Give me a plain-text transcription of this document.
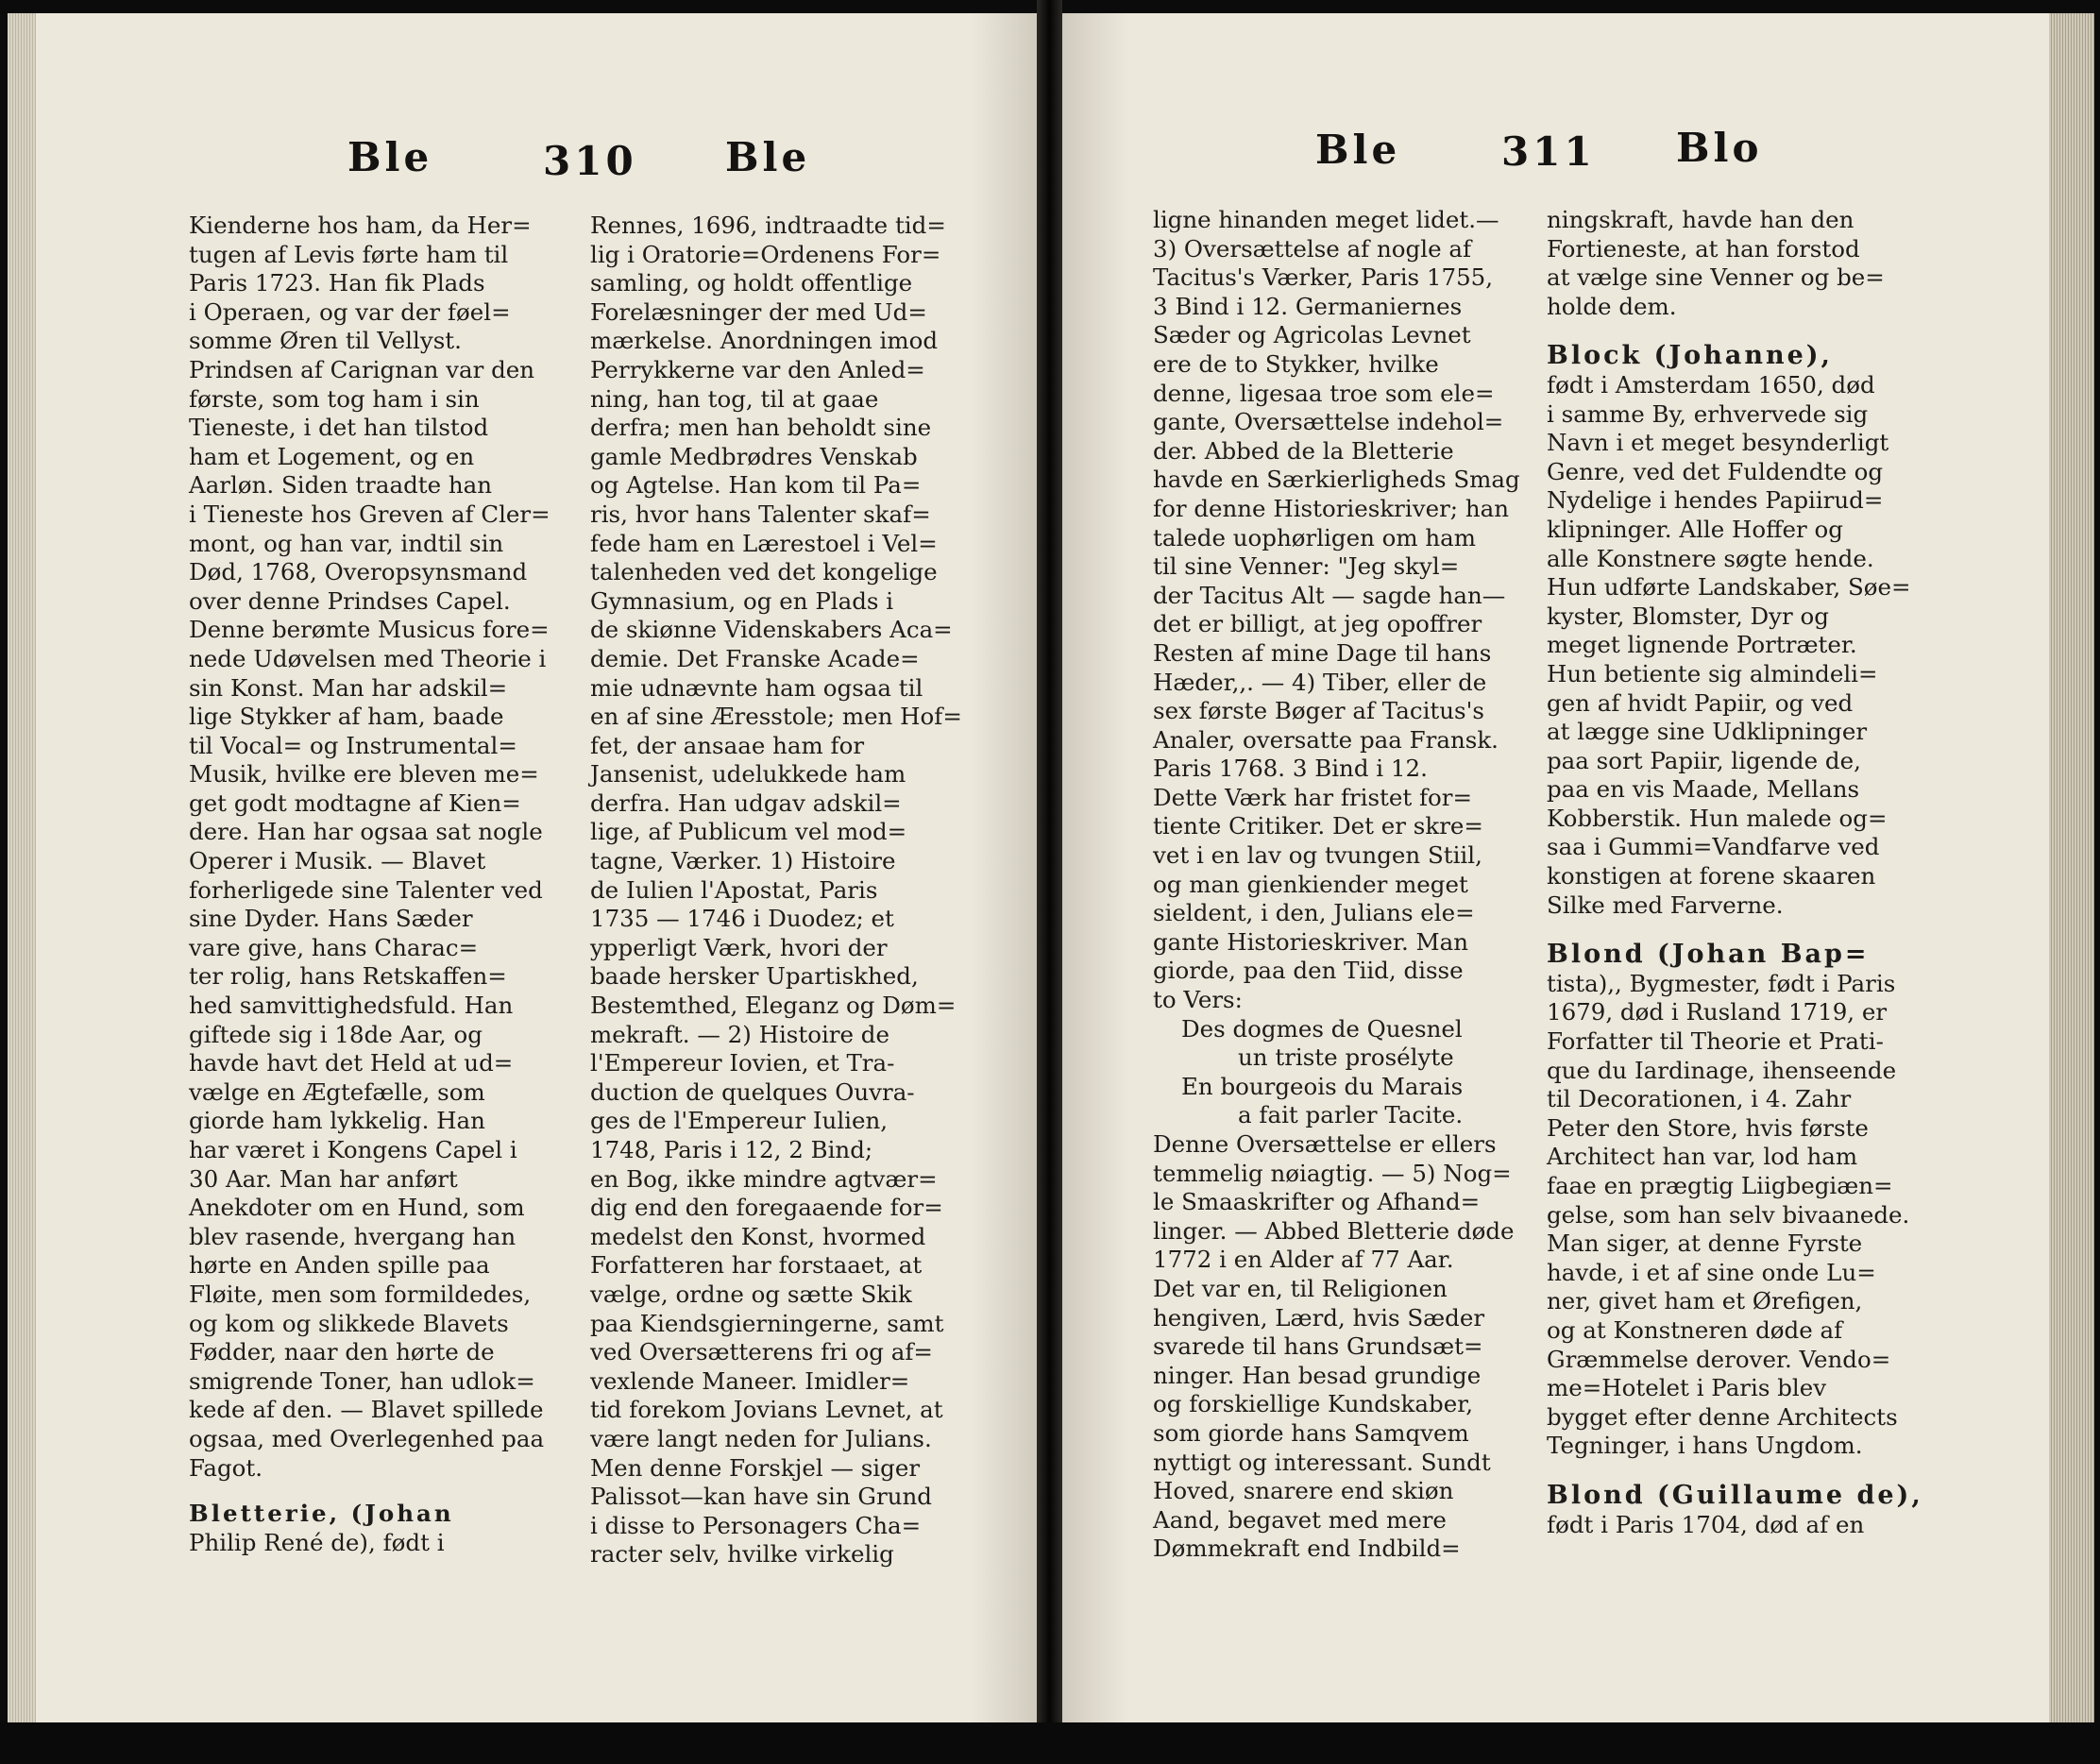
Ble	310 Ble
Kienderne hos ham, da Her=
tugen af Levis førte ham til
Paris 1723. Han fik Plads
i Operaen, og var der føel=
somme Øren til Vellyst.
Prindsen af Carignan var den
første, som tog ham i sin
Tieneste, i det han tilstod
ham et Logement, og en
Aarløn. Siden traadte han
i Tieneste hos Greven af Cler=
mont, og han var, indtil sin
Død, 1768, Overopsynsmand
over denne Prindses Capel.
Denne berømte Musicus fore=
nede Udøvelsen med Theorie i
sin Konst. Man har adskil=
lige Stykker af ham, baade
til Vocal= og Instrumental=
Musik, hvilke ere bleven me=
get godt modtagne af Kien=
dere. Han har ogsaa sat nogle
Operer i Musik. — Blavet
forherligede sine Talenter ved
sine Dyder. Hans Sæder
vare give, hans Charac=
ter rolig, hans Retskaffen=
hed samvittighedsfuld. Han
giftede sig i 18de Aar, og
havde havt det Held at ud=
vælge en Ægtefælle, som
giorde ham lykkelig. Han
har været i Kongens Capel i
30 Aar. Man har anført
Anekdoter om en Hund, som
blev rasende, hvergang han
hørte en Anden spille paa
Fløite, men som formildedes,
og kom og slikkede Blavets
Fødder, naar den hørte de
smigrende Toner, han udlok=
kede af den. — Blavet spillede
ogsaa, med Overlegenhed paa
Fagot.
Bletterie, (Johan
Philip René de), født i
Rennes, 1696, indtraadte tid=
lig i Oratorie=Ordenens For=
samling, og holdt offentlige
Forelæsninger der med Ud=
mærkelse. Anordningen imod
Perrykkerne var den Anled=
ning, han tog, til at gaae
derfra; men han beholdt sine
gamle Medbrødres Venskab
og Agtelse. Han kom til Pa=
ris, hvor hans Talenter skaf=
fede ham en Lærestoel i Vel=
talenheden ved det kongelige
Gymnasium, og en Plads i
de skiønne Videnskabers Aca=
demie. Det Franske Acade=
mie udnævnte ham ogsaa til
en af sine Æresstole; men Hof=
fet, der ansaae ham for
Jansenist, udelukkede ham
derfra. Han udgav adskil=
lige, af Publicum vel mod=
tagne, Værker. 1) Histoire
de Iulien l'Apostat, Paris
1735 — 1746 i Duodez; et
ypperligt Værk, hvori der
baade hersker Upartiskhed,
Bestemthed, Eleganz og Døm=
mekraft. — 2) Histoire de
l'Empereur Iovien, et Tra-
duction de quelques Ouvra-
ges de l'Empereur Iulien,
1748, Paris i 12, 2 Bind;
en Bog, ikke mindre agtvær=
dig end den foregaaende for=
medelst den Konst, hvormed
Forfatteren har forstaaet, at
vælge, ordne og sætte Skik
paa Kiendsgierningerne, samt
ved Oversætterens fri og af=
vexlende Maneer. Imidler=
tid forekom Jovians Levnet, at
være langt neden for Julians.
Men denne Forskjel — siger
Palissot—kan have sin Grund
i disse to Personagers Cha=
racter selv, hvilke virkelig
Ble	311 Blo
ligne hinanden meget lidet.—
3) Oversættelse af nogle af
Tacitus's Værker, Paris 1755,
3 Bind i 12. Germaniernes
Sæder og Agricolas Levnet
ere de to Stykker, hvilke
denne, ligesaa troe som ele=
gante, Oversættelse indehol=
der. Abbed de la Bletterie
havde en Særkierligheds Smag
for denne Historieskriver; han
talede uophørligen om ham
til sine Venner: "Jeg skyl=
der Tacitus Alt — sagde han—
det er billigt, at jeg opoffrer
Resten af mine Dage til hans
Hæder,,. — 4) Tiber, eller de
sex første Bøger af Tacitus's
Analer, oversatte paa Fransk.
Paris 1768. 3 Bind i 12.
Dette Værk har fristet for=
tiente Critiker. Det er skre=
vet i en lav og tvungen Stiil,
og man gienkiender meget
sieldent, i den, Julians ele=
gante Historieskriver. Man
giorde, paa den Tiid, disse
to Vers:
Des dogmes de Quesnel
un triste prosélyte
En bourgeois du Marais
a fait parler Tacite.
Denne Oversættelse er ellers
temmelig nøiagtig. — 5) Nog=
le Smaaskrifter og Afhand=
linger. — Abbed Bletterie døde
1772 i en Alder af 77 Aar.
Det var en, til Religionen
hengiven, Lærd, hvis Sæder
svarede til hans Grundsæt=
ninger. Han besad grundige
og forskiellige Kundskaber,
som giorde hans Samqvem
nyttigt og interessant. Sundt
Hoved, snarere end skiøn
Aand, begavet med mere
Dømmekraft end Indbild=
ningskraft, havde han den
Fortieneste, at han forstod
at vælge sine Venner og be=
holde dem.
Block (Johanne),
født i Amsterdam 1650, død
i samme By, erhvervede sig
Navn i et meget besynderligt
Genre, ved det Fuldendte og
Nydelige i hendes Papiirud=
klipninger. Alle Hoffer og
alle Konstnere søgte hende.
Hun udførte Landskaber, Søe=
kyster, Blomster, Dyr og
meget lignende Portræter.
Hun betiente sig almindeli=
gen af hvidt Papiir, og ved
at lægge sine Udklipninger
paa sort Papiir, ligende de,
paa en vis Maade, Mellans
Kobberstik. Hun malede og=
saa i Gummi=Vandfarve ved
konstigen at forene skaaren
Silke med Farverne.
Blond (Johan Bap=
tista),, Bygmester, født i Paris
1679, død i Rusland 1719, er
Forfatter til Theorie et Prati-
que du Iardinage, ihenseende
til Decorationen, i 4. Zahr
Peter den Store, hvis første
Architect han var, lod ham
faae en prægtig Liigbegiæn=
gelse, som han selv bivaanede.
Man siger, at denne Fyrste
havde, i et af sine onde Lu=
ner, givet ham et Ørefigen,
og at Konstneren døde af
Græmmelse derover. Vendo=
me=Hotelet i Paris blev
bygget efter denne Architects
Tegninger, i hans Ungdom.
Blond (Guillaume de),
født i Paris 1704, død af en
